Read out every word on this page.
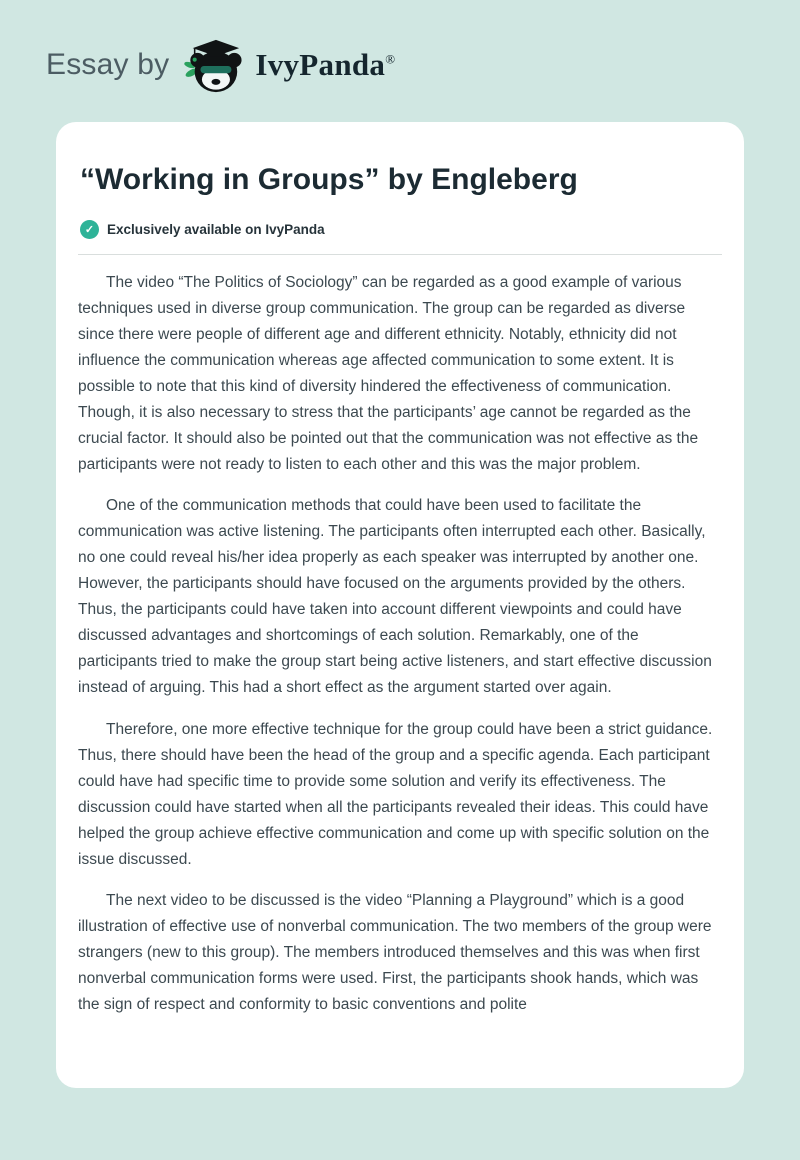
Essay by	IvyPanda®
“Working in Groups” by Engleberg
✓ Exclusively available on IvyPanda

The video “The Politics of Sociology” can be regarded as a good example of various techniques used in diverse group communication. The group can be regarded as diverse since there were people of different age and different ethnicity. Notably, ethnicity did not influence the communication whereas age affected communication to some extent. It is possible to note that this kind of diversity hindered the effectiveness of communication. Though, it is also necessary to stress that the participants’ age cannot be regarded as the crucial factor. It should also be pointed out that the communication was not effective as the participants were not ready to listen to each other and this was the major problem.

One of the communication methods that could have been used to facilitate the communication was active listening. The participants often interrupted each other. Basically, no one could reveal his/her idea properly as each speaker was interrupted by another one. However, the participants should have focused on the arguments provided by the others. Thus, the participants could have taken into account different viewpoints and could have discussed advantages and shortcomings of each solution. Remarkably, one of the participants tried to make the group start being active listeners, and start effective discussion instead of arguing. This had a short effect as the argument started over again.

Therefore, one more effective technique for the group could have been a strict guidance. Thus, there should have been the head of the group and a specific agenda. Each participant could have had specific time to provide some solution and verify its effectiveness. The discussion could have started when all the participants revealed their ideas. This could have helped the group achieve effective communication and come up with specific solution on the issue discussed.

The next video to be discussed is the video “Planning a Playground” which is a good illustration of effective use of nonverbal communication. The two members of the group were strangers (new to this group). The members introduced themselves and this was when first nonverbal communication forms were used. First, the participants shook hands, which was the sign of respect and conformity to basic conventions and polite
